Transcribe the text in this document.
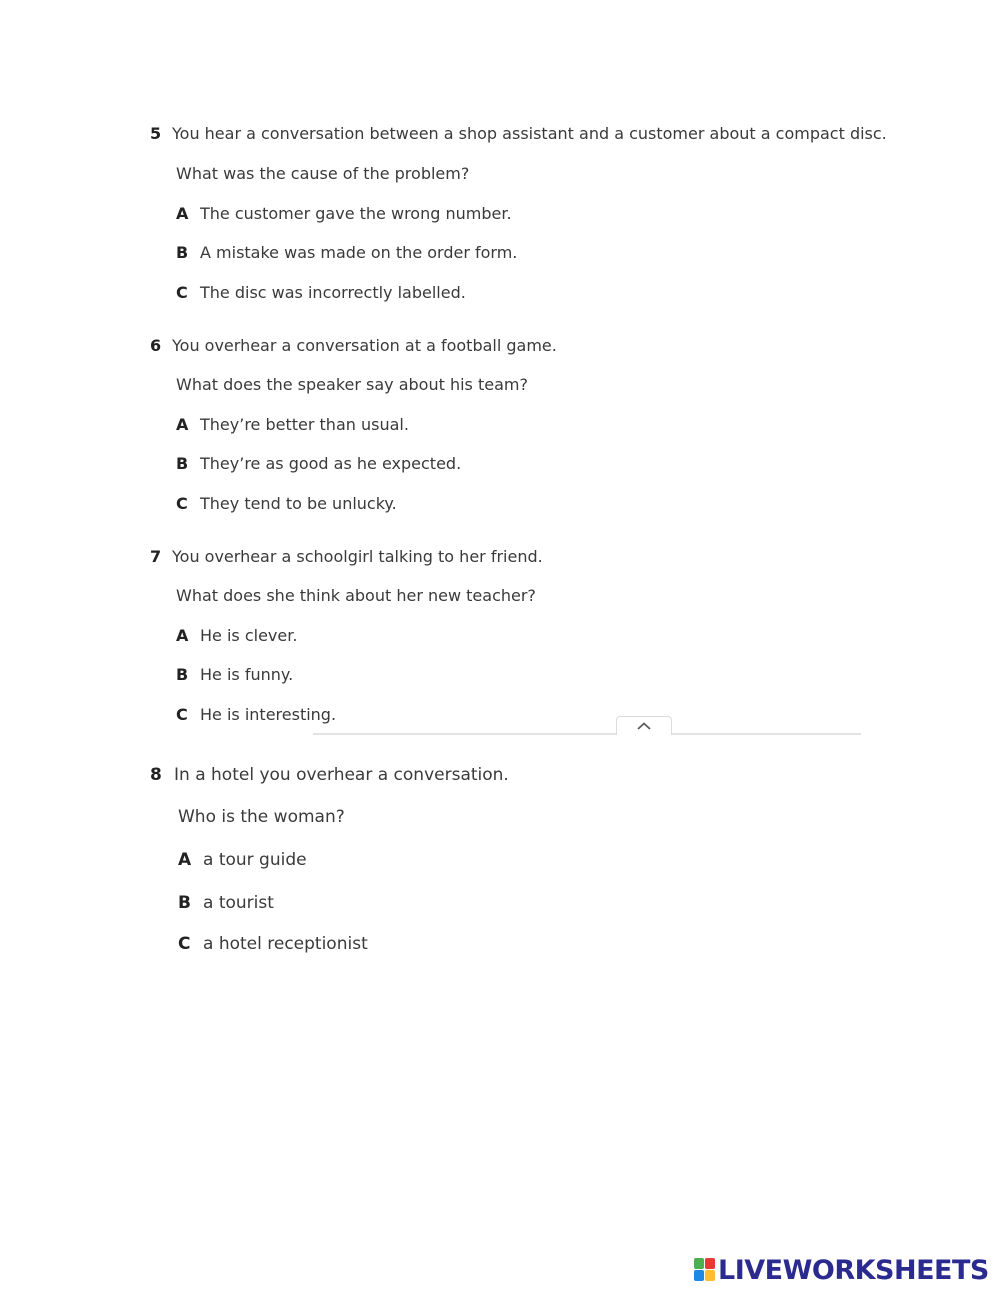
5 You hear a conversation between a shop assistant and a customer about a compact disc.
What was the cause of the problem?
A The customer gave the wrong number.
B A mistake was made on the order form.
C The disc was incorrectly labelled.
6 You overhear a conversation at a football game.
What does the speaker say about his team?
A They’re better than usual.
B They’re as good as he expected.
C They tend to be unlucky.
7 You overhear a schoolgirl talking to her friend.
What does she think about her new teacher?
A He is clever.
B He is funny.
C He is interesting.
8 In a hotel you overhear a conversation.
Who is the woman?
A a tour guide
B a tourist
C a hotel receptionist
LIVEWORKSHEETS
